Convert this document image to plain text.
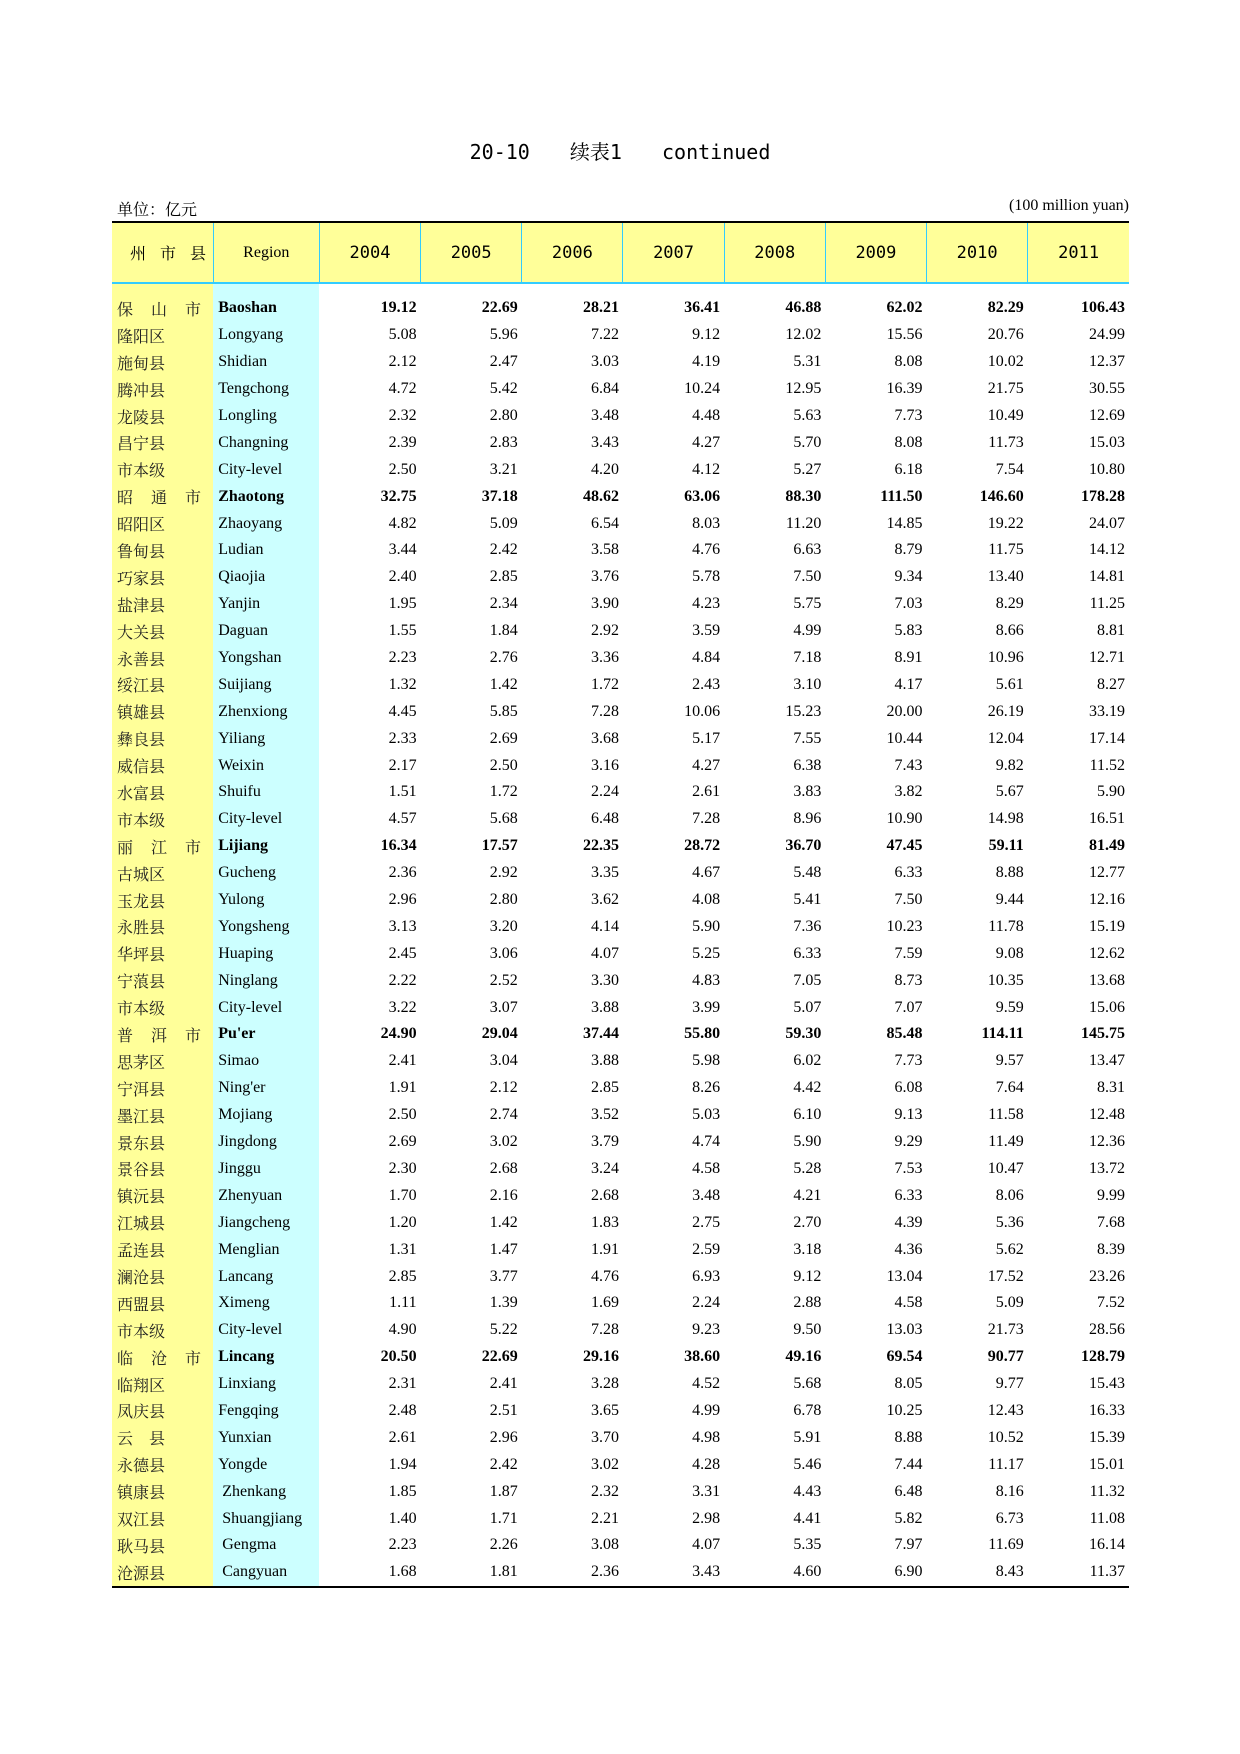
20-10 续表1 continued
单位：亿元	(100 million yuan)
州 市 县	Region	2004	2005	2006	2007	2008	2009	2010	2011

保 山 市	Baoshan	19.12	22.69	28.21	36.41	46.88	62.02	82.29	106.43
隆阳区	Longyang	5.08	5.96	7.22	9.12	12.02	15.56	20.76	24.99
施甸县	Shidian	2.12	2.47	3.03	4.19	5.31	8.08	10.02	12.37
腾冲县	Tengchong	4.72	5.42	6.84	10.24	12.95	16.39	21.75	30.55
龙陵县	Longling	2.32	2.80	3.48	4.48	5.63	7.73	10.49	12.69
昌宁县	Changning	2.39	2.83	3.43	4.27	5.70	8.08	11.73	15.03
市本级	City-level	2.50	3.21	4.20	4.12	5.27	6.18	7.54	10.80
昭 通 市	Zhaotong	32.75	37.18	48.62	63.06	88.30	111.50	146.60	178.28
昭阳区	Zhaoyang	4.82	5.09	6.54	8.03	11.20	14.85	19.22	24.07
鲁甸县	Ludian	3.44	2.42	3.58	4.76	6.63	8.79	11.75	14.12
巧家县	Qiaojia	2.40	2.85	3.76	5.78	7.50	9.34	13.40	14.81
盐津县	Yanjin	1.95	2.34	3.90	4.23	5.75	7.03	8.29	11.25
大关县	Daguan	1.55	1.84	2.92	3.59	4.99	5.83	8.66	8.81
永善县	Yongshan	2.23	2.76	3.36	4.84	7.18	8.91	10.96	12.71
绥江县	Suijiang	1.32	1.42	1.72	2.43	3.10	4.17	5.61	8.27
镇雄县	Zhenxiong	4.45	5.85	7.28	10.06	15.23	20.00	26.19	33.19
彝良县	Yiliang	2.33	2.69	3.68	5.17	7.55	10.44	12.04	17.14
威信县	Weixin	2.17	2.50	3.16	4.27	6.38	7.43	9.82	11.52
水富县	Shuifu	1.51	1.72	2.24	2.61	3.83	3.82	5.67	5.90
市本级	City-level	4.57	5.68	6.48	7.28	8.96	10.90	14.98	16.51
丽 江 市	Lijiang	16.34	17.57	22.35	28.72	36.70	47.45	59.11	81.49
古城区	Gucheng	2.36	2.92	3.35	4.67	5.48	6.33	8.88	12.77
玉龙县	Yulong	2.96	2.80	3.62	4.08	5.41	7.50	9.44	12.16
永胜县	Yongsheng	3.13	3.20	4.14	5.90	7.36	10.23	11.78	15.19
华坪县	Huaping	2.45	3.06	4.07	5.25	6.33	7.59	9.08	12.62
宁蒗县	Ninglang	2.22	2.52	3.30	4.83	7.05	8.73	10.35	13.68
市本级	City-level	3.22	3.07	3.88	3.99	5.07	7.07	9.59	15.06
普 洱 市	Pu'er	24.90	29.04	37.44	55.80	59.30	85.48	114.11	145.75
思茅区	Simao	2.41	3.04	3.88	5.98	6.02	7.73	9.57	13.47
宁洱县	Ning'er	1.91	2.12	2.85	8.26	4.42	6.08	7.64	8.31
墨江县	Mojiang	2.50	2.74	3.52	5.03	6.10	9.13	11.58	12.48
景东县	Jingdong	2.69	3.02	3.79	4.74	5.90	9.29	11.49	12.36
景谷县	Jinggu	2.30	2.68	3.24	4.58	5.28	7.53	10.47	13.72
镇沅县	Zhenyuan	1.70	2.16	2.68	3.48	4.21	6.33	8.06	9.99
江城县	Jiangcheng	1.20	1.42	1.83	2.75	2.70	4.39	5.36	7.68
孟连县	Menglian	1.31	1.47	1.91	2.59	3.18	4.36	5.62	8.39
澜沧县	Lancang	2.85	3.77	4.76	6.93	9.12	13.04	17.52	23.26
西盟县	Ximeng	1.11	1.39	1.69	2.24	2.88	4.58	5.09	7.52
市本级	City-level	4.90	5.22	7.28	9.23	9.50	13.03	21.73	28.56
临 沧 市	Lincang	20.50	22.69	29.16	38.60	49.16	69.54	90.77	128.79
临翔区	Linxiang	2.31	2.41	3.28	4.52	5.68	8.05	9.77	15.43
凤庆县	Fengqing	2.48	2.51	3.65	4.99	6.78	10.25	12.43	16.33
云　县	Yunxian	2.61	2.96	3.70	4.98	5.91	8.88	10.52	15.39
永德县	Yongde	1.94	2.42	3.02	4.28	5.46	7.44	11.17	15.01
镇康县	Zhenkang	1.85	1.87	2.32	3.31	4.43	6.48	8.16	11.32
双江县	Shuangjiang	1.40	1.71	2.21	2.98	4.41	5.82	6.73	11.08
耿马县	Gengma	2.23	2.26	3.08	4.07	5.35	7.97	11.69	16.14
沧源县	Cangyuan	1.68	1.81	2.36	3.43	4.60	6.90	8.43	11.37
